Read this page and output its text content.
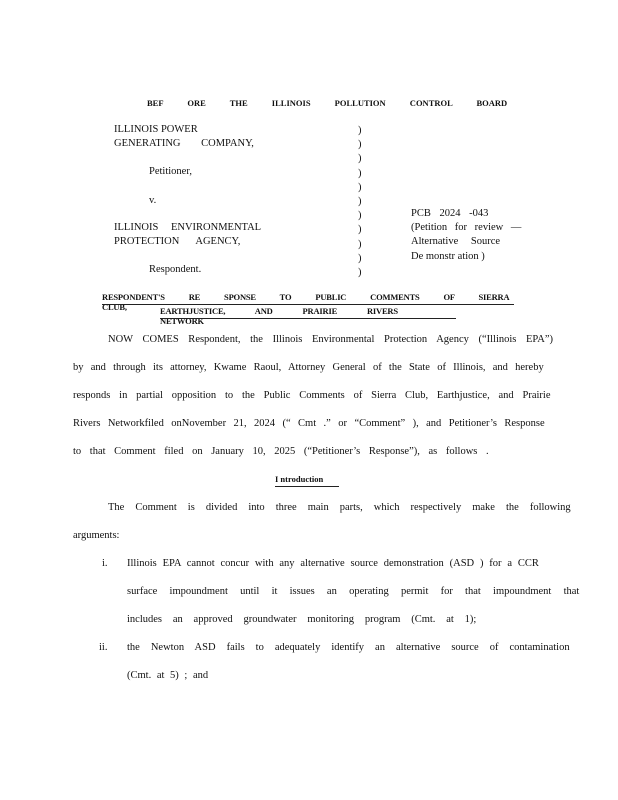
BEF ORE THE ILLINOIS POLLUTION CONTROL BOARD
ILLINOIS POWER
GENERATING COMPANY,
Petitioner,
v.
ILLINOIS ENVIRONMENTAL
PROTECTION AGENCY,
Respondent.
)
)
)
)
)
)
)
)
)
)
)
PCB 2024 -043
(Petition for review —
Alternative Source
De monstr ation )
RESPONDENT'S RE SPONSE TO PUBLIC COMMENTS OF SIERRA CLUB,	EARTHJUSTICE, AND PRAIRIE RIVERS NETWORK
NOW COMES Respondent, the Illinois Environmental Protection Agency (“Illinois EPA”)
by and through its attorney, Kwame Raoul, Attorney General of the State of Illinois, and hereby
responds in partial opposition to the Public Comments of Sierra Club, Earthjustice, and Prairie
Rivers Networkfiled onNovember 21, 2024 (“ Cmt .” or “Comment” ), and Petitioner’s Response
to that Comment filed on January 10, 2025 (“Petitioner’s Response”), as follows .
I ntroduction
The Comment is divided into three main parts, which respectively make the following
arguments:
i. Illinois EPA cannot concur with any alternative source demonstration (ASD ) for a CCR
surface impoundment until it issues an operating permit for that impoundment that
includes an approved groundwater monitoring program (Cmt. at 1);
ii. the Newton ASD fails to adequately identify an alternative source of contamination
(Cmt. at 5) ; and
